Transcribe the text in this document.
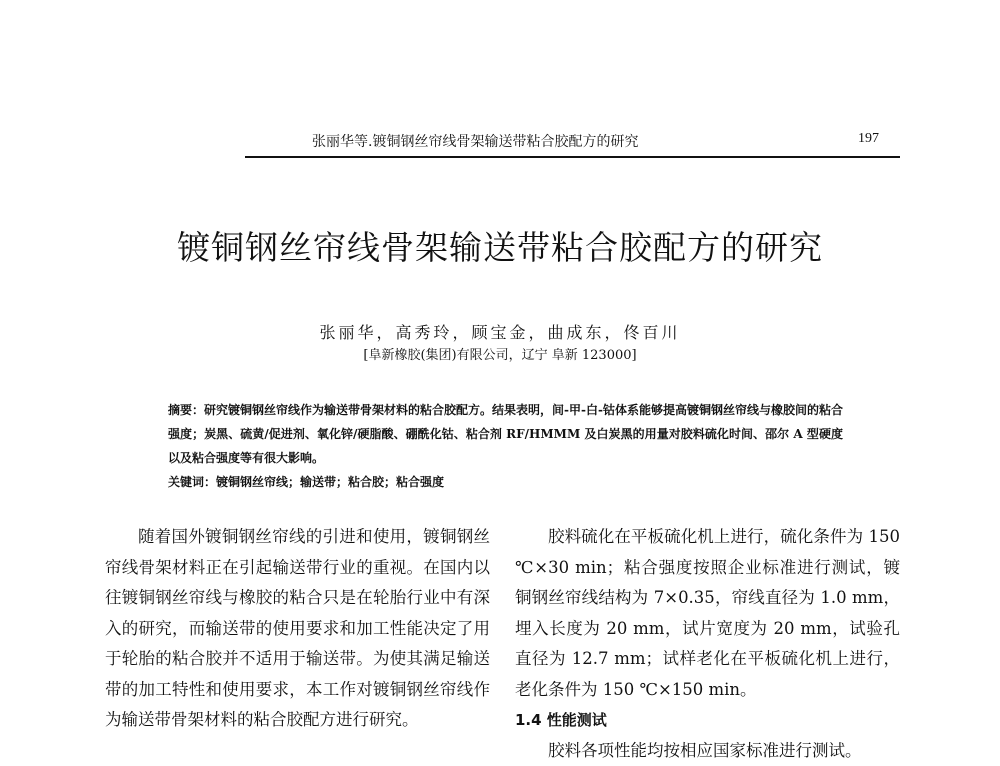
张丽华等.镀铜钢丝帘线骨架输送带粘合胶配方的研究	197
镀铜钢丝帘线骨架输送带粘合胶配方的研究
张丽华，高秀玲，顾宝金，曲成东，佟百川
[阜新橡胶(集团)有限公司，辽宁 阜新 123000]

摘要：研究镀铜钢丝帘线作为输送带骨架材料的粘合胶配方。结果表明，间-甲-白-钴体系能够提高镀铜钢丝帘线与橡胶间的粘合强度；炭黑、硫黄/促进剂、氧化锌/硬脂酸、硼酰化钴、粘合剂 RF/HMMM 及白炭黑的用量对胶料硫化时间、邵尔 A 型硬度以及粘合强度等有很大影响。

关键词：镀铜钢丝帘线；输送带；粘合胶；粘合强度

随着国外镀铜钢丝帘线的引进和使用，镀铜钢丝帘线骨架材料正在引起输送带行业的重视。在国内以往镀铜钢丝帘线与橡胶的粘合只是在轮胎行业中有深入的研究，而输送带的使用要求和加工性能决定了用于轮胎的粘合胶并不适用于输送带。为使其满足输送带的加工特性和使用要求，本工作对镀铜钢丝帘线作为输送带骨架材料的粘合胶配方进行研究。

胶料硫化在平板硫化机上进行，硫化条件为 150 ℃×30 min；粘合强度按照企业标准进行测试，镀铜钢丝帘线结构为 7×0.35，帘线直径为 1.0 mm，埋入长度为 20 mm，试片宽度为 20 mm，试验孔直径为 12.7 mm；试样老化在平板硫化机上进行，老化条件为 150 ℃×150 min。

1.4 性能测试

胶料各项性能均按相应国家标准进行测试。
